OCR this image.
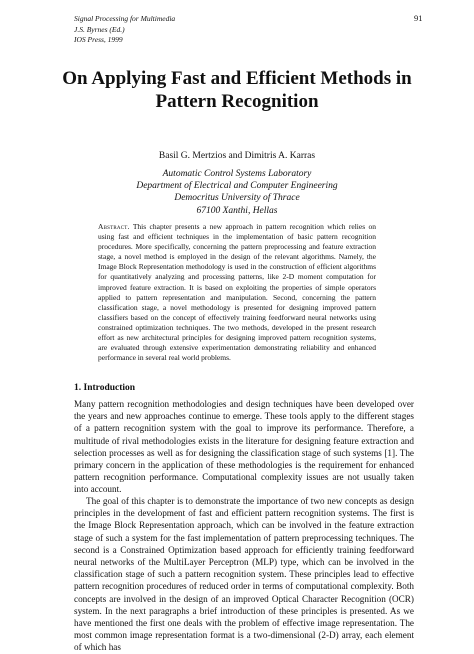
Signal Processing for Multimedia
J.S. Byrnes (Ed.)
IOS Press, 1999
91
On Applying Fast and Efficient Methods in
Pattern Recognition
Basil G. Mertzios and Dimitris A. Karras
Automatic Control Systems Laboratory
Department of Electrical and Computer Engineering
Democritus University of Thrace
67100 Xanthi, Hellas
Abstract. This chapter presents a new approach in pattern recognition which relies on using fast and efficient techniques in the implementation of basic pattern recognition procedures. More specifically, concerning the pattern preprocessing and feature extraction stage, a novel method is employed in the design of the relevant algorithms. Namely, the Image Block Representation methodology is used in the construction of efficient algorithms for quantitatively analyzing and processing patterns, like 2-D moment computation for improved feature extraction. It is based on exploiting the properties of simple operators applied to pattern representation and manipulation. Second, concerning the pattern classification stage, a novel methodology is presented for designing improved pattern classifiers based on the concept of effectively training feedforward neural networks using constrained optimization techniques. The two methods, developed in the present research effort as new architectural principles for designing improved pattern recognition systems, are evaluated through extensive experimentation demonstrating reliability and enhanced performance in several real world problems.
1. Introduction

Many pattern recognition methodologies and design techniques have been developed over the years and new approaches continue to emerge. These tools apply to the different stages of a pattern recognition system with the goal to improve its performance. Therefore, a multitude of rival methodologies exists in the literature for designing feature extraction and selection processes as well as for designing the classification stage of such systems [1]. The primary concern in the application of these methodologies is the requirement for enhanced pattern recognition performance. Computational complexity issues are not usually taken into account.

The goal of this chapter is to demonstrate the importance of two new concepts as design principles in the development of fast and efficient pattern recognition systems. The first is the Image Block Representation approach, which can be involved in the feature extraction stage of such a system for the fast implementation of pattern preprocessing techniques. The second is a Constrained Optimization based approach for efficiently training feedforward neural networks of the MultiLayer Perceptron (MLP) type, which can be involved in the classification stage of such a pattern recognition system. These principles lead to effective pattern recognition procedures of reduced order in terms of computational complexity. Both concepts are involved in the design of an improved Optical Character Recognition (OCR) system. In the next paragraphs a brief introduction of these principles is presented. As we have mentioned the first one deals with the problem of effective image representation. The most common image representation format is a two-dimensional (2-D) array, each element of which has
